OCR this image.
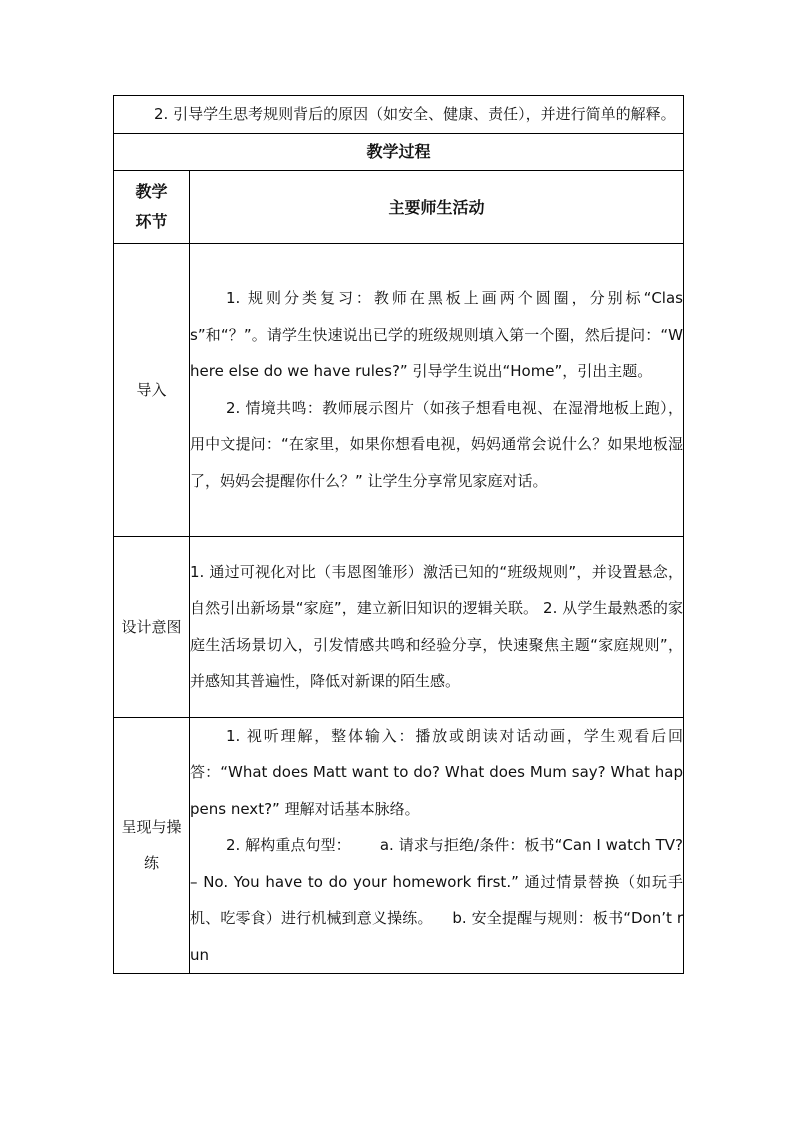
2. 引导学生思考规则背后的原因（如安全、健康、责任），并进行简单的解释。	

教学过程	

教学环节	主要师生活动
导入	1. 规则分类复习：教师在黑板上画两个圆圈，分别标“Class”和“？”。请学生快速说出已学的班级规则填入第一个圈，然后提问：“Where else do we have rules?” 引导学生说出“Home”，引出主题。
2. 情境共鸣：教师展示图片（如孩子想看电视、在湿滑地板上跑），用中文提问：“在家里，如果你想看电视，妈妈通常会说什么？如果地板湿了，妈妈会提醒你什么？” 让学生分享常见家庭对话。

设计意图	1. 通过可视化对比（韦恩图雏形）激活已知的“班级规则”，并设置悬念，自然引出新场景“家庭”，建立新旧知识的逻辑关联。 2. 从学生最熟悉的家庭生活场景切入，引发情感共鸣和经验分享，快速聚焦主题“家庭规则”，并感知其普遍性，降低对新课的陌生感。

呈现与操练	1. 视听理解，整体输入：播放或朗读对话动画，学生观看后回答：“What does Matt want to do? What does Mum say? What happens next?” 理解对话基本脉络。
2. 解构重点句型：      a. 请求与拒绝/条件：板书“Can I watch TV? – No. You have to do your homework first.” 通过情景替换（如玩手机、吃零食）进行机械到意义操练。    b. 安全提醒与规则：板书“Don’t run
